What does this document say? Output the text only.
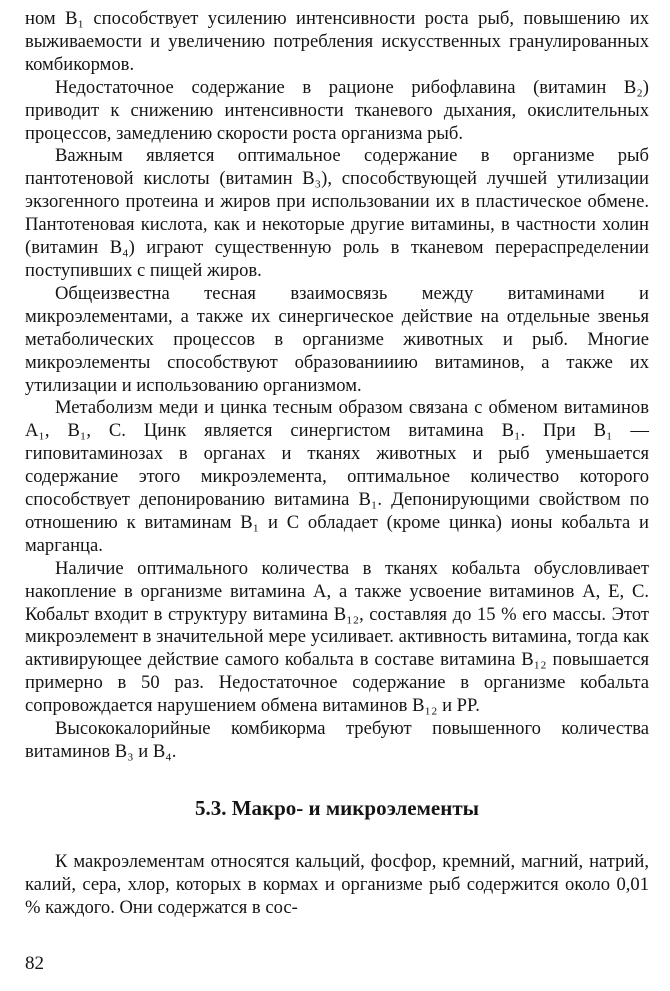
ном B₁ способствует усилению интенсивности роста рыб, повышению их выживаемости и увеличению потребления искусственных гранулированных комбикормов.

Недостаточное содержание в рационе рибофлавина (витамин B₂) приводит к снижению интенсивности тканевого дыхания, окислительных процессов, замедлению скорости роста организма рыб.

Важным является оптимальное содержание в организме рыб пантотеновой кислоты (витамин B₃), способствующей лучшей утилизации экзогенного протеина и жиров при использовании их в пластическое обмене. Пантотеновая кислота, как и некоторые другие витамины, в частности холин (витамин B₄) играют существенную роль в тканевом перераспределении поступивших с пищей жиров.

Общеизвестна тесная взаимосвязь между витаминами и микроэлементами, а также их синергическое действие на отдельные звенья метаболических процессов в организме животных и рыб. Многие микроэлементы способствуют образованииию витаминов, а также их утилизации и использованию организмом.

Метаболизм меди и цинка тесным образом связана с обменом витаминов A₁, B₁, C. Цинк является синергистом витамина B₁. При B₁ — гиповитаминозах в органах и тканях животных и рыб уменьшается содержание этого микроэлемента, оптимальное количество которого способствует депонированию витамина B₁. Депонирующими свойством по отношению к витаминам B₁ и C обладает (кроме цинка) ионы кобальта и марганца.

Наличие оптимального количества в тканях кобальта обусловливает накопление в организме витамина A, а также усвоение витаминов A, E, C. Кобальт входит в структуру витамина B₁₂, составляя до 15 % его массы. Этот микроэлемент в значительной мере усиливает. активность витамина, тогда как активирующее действие самого кобальта в составе витамина B₁₂ повышается примерно в 50 раз. Недостаточное содержание в организме кобальта сопровождается нарушением обмена витаминов B₁₂ и PP.

Высококалорийные комбикорма требуют повышенного количества витаминов B₃ и B₄.

5.3. Макро- и микроэлементы

К макроэлементам относятся кальций, фосфор, кремний, магний, натрий, калий, сера, хлор, которых в кормах и организме рыб содержится около 0,01 % каждого. Они содержатся в сос-

82
